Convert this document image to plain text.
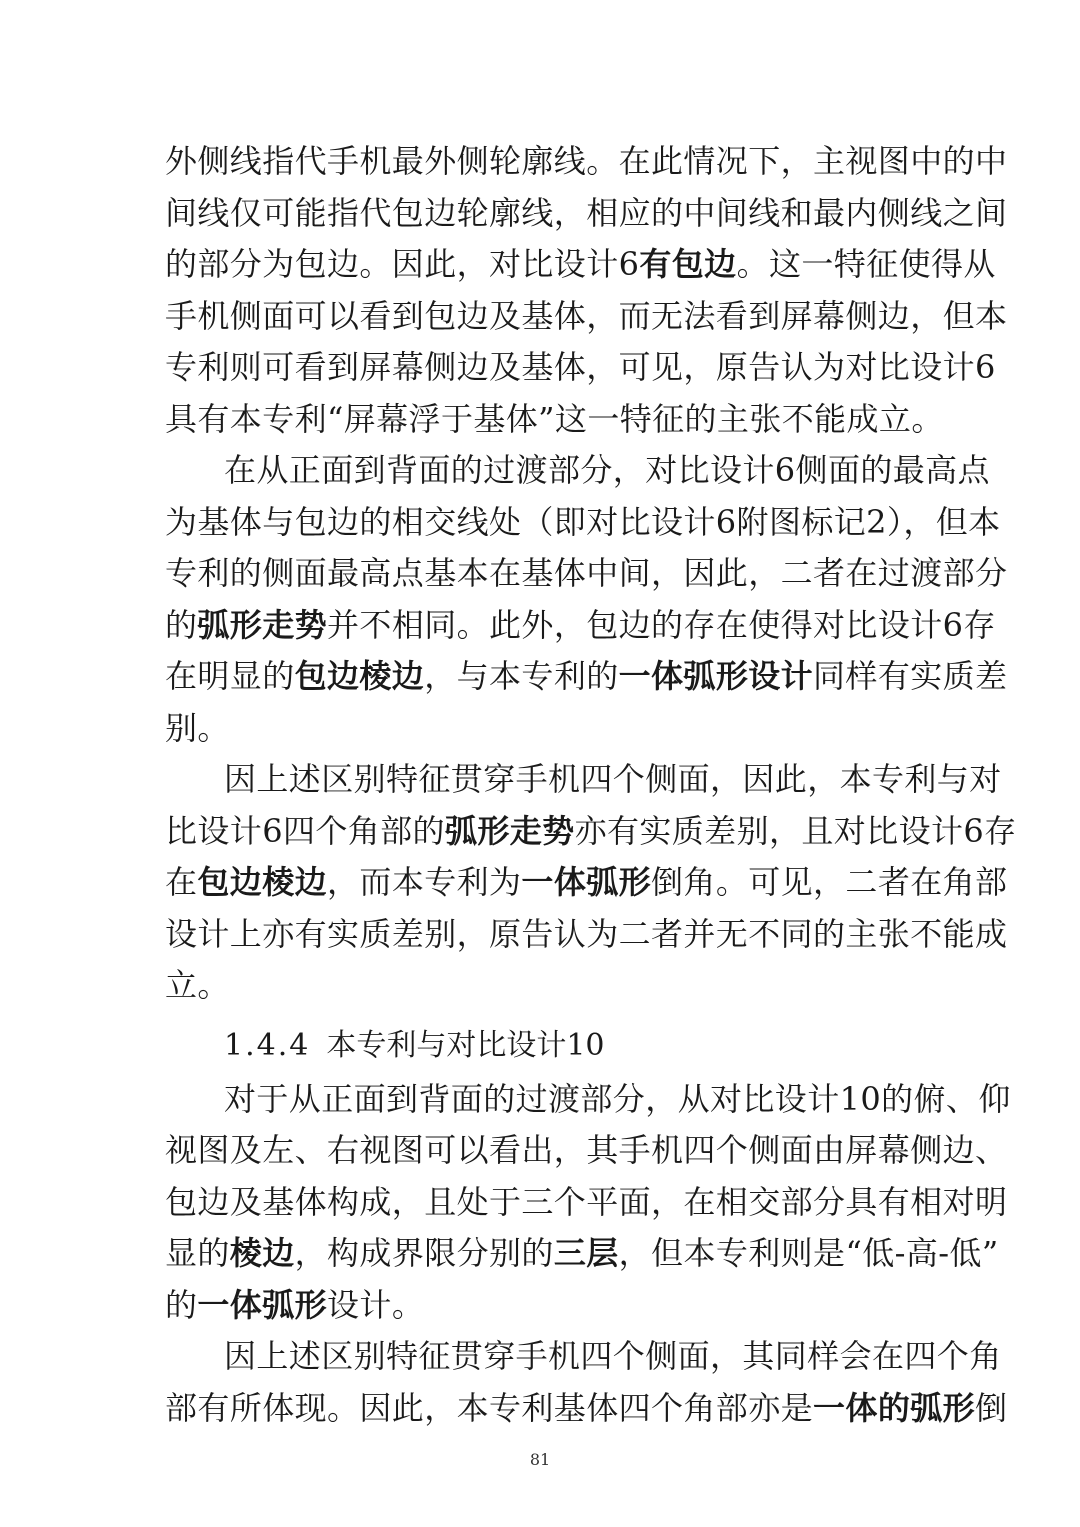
外侧线指代手机最外侧轮廓线。在此情况下，主视图中的中
间线仅可能指代包边轮廓线，相应的中间线和最内侧线之间
的部分为包边。因此，对比设计6有包边。这一特征使得从
手机侧面可以看到包边及基体，而无法看到屏幕侧边，但本
专利则可看到屏幕侧边及基体，可见，原告认为对比设计6
具有本专利“屏幕浮于基体”这一特征的主张不能成立。
在从正面到背面的过渡部分，对比设计6侧面的最高点
为基体与包边的相交线处（即对比设计6附图标记2），但本
专利的侧面最高点基本在基体中间，因此，二者在过渡部分
的弧形走势并不相同。此外，包边的存在使得对比设计6存
在明显的包边棱边，与本专利的一体弧形设计同样有实质差
别。
因上述区别特征贯穿手机四个侧面，因此，本专利与对
比设计6四个角部的弧形走势亦有实质差别，且对比设计6存
在包边棱边，而本专利为一体弧形倒角。可见，二者在角部
设计上亦有实质差别，原告认为二者并无不同的主张不能成
立。
1.4.4 本专利与对比设计10
对于从正面到背面的过渡部分，从对比设计10的俯、仰
视图及左、右视图可以看出，其手机四个侧面由屏幕侧边、
包边及基体构成，且处于三个平面，在相交部分具有相对明
显的棱边，构成界限分别的三层，但本专利则是“低-高-低”
的一体弧形设计。
因上述区别特征贯穿手机四个侧面，其同样会在四个角
部有所体现。因此，本专利基体四个角部亦是一体的弧形倒
81
